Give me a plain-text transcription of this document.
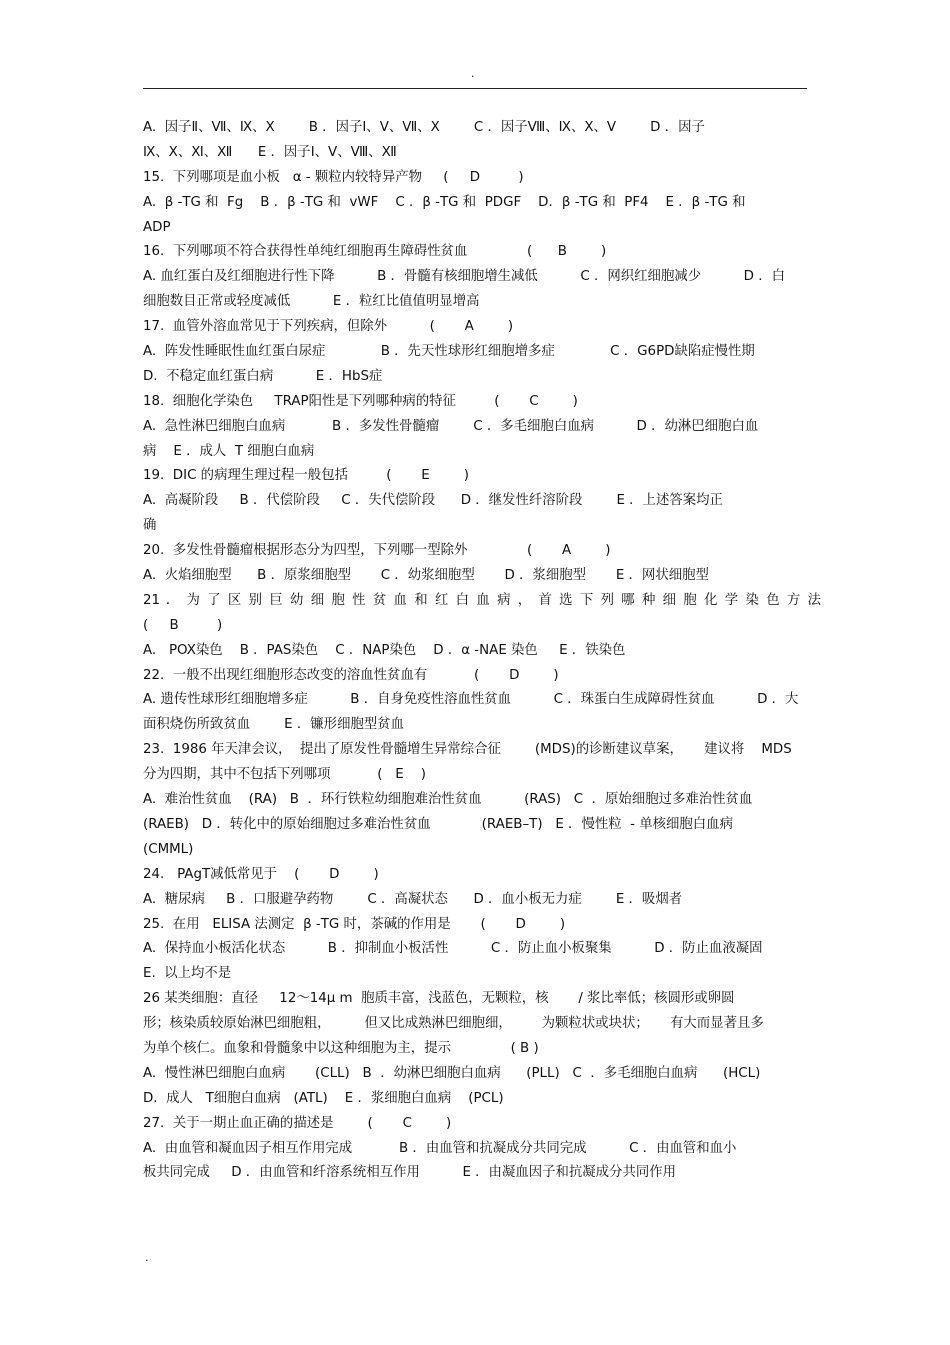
·
A.  因子Ⅱ、Ⅶ、Ⅸ、Ⅹ        B ．因子Ⅰ、Ⅴ、Ⅶ、Ⅹ        C ．因子Ⅷ、Ⅸ、Ⅹ、Ⅴ        D ．因子
Ⅸ、Ⅹ、Ⅺ、Ⅻ      E ．因子Ⅰ、Ⅴ、Ⅷ、Ⅻ
15.  下列哪项是血小板   α - 颗粒内较特异产物     (     D         )
A.  β -TG 和  Fg    B ．β -TG 和  vWF    C ．β -TG 和  PDGF    D．β -TG 和  PF4    E ．β -TG 和
ADP
16.  下列哪项不符合获得性单纯红细胞再生障碍性贫血              (      B        )
A. 血红蛋白及红细胞进行性下降          B ．骨髓有核细胞增生减低          C ．网织红细胞减少          D ．白
细胞数目正常或轻度减低          E ．粒红比值值明显增高
17.  血管外溶血常见于下列疾病，但除外          (       A        )
A.  阵发性睡眠性血红蛋白尿症             B ．先天性球形红细胞增多症             C ．G6PD缺陷症慢性期
D.  不稳定血红蛋白病          E ．HbS症
18.  细胞化学染色     TRAP阳性是下列哪种病的特征         (       C        )
A.  急性淋巴细胞白血病           B ．多发性骨髓瘤        C ．多毛细胞白血病          D ．幼淋巴细胞白血
病    E ．成人  T 细胞白血病
19.  DIC 的病理生理过程一般包括         (       E        )
A.  高凝阶段     B ．代偿阶段     C ．失代偿阶段      D ．继发性纤溶阶段        E ．上述答案均正
确
20.  多发性骨髓瘤根据形态分为四型，下列哪一型除外              (       A        )
A.  火焰细胞型      B ．原浆细胞型       C ．幼浆细胞型       D ．浆细胞型       E ．网状细胞型
21 ． 为 了 区 别 巨 幼 细 胞 性 贫 血 和 红 白 血 病 ， 首 选 下 列 哪 种 细 胞 化 学 染 色 方 法
(     B         )
A.   POX染色    B ．PAS染色    C ．NAP染色    D ．α -NAE 染色     E ．铁染色
22.  一般不出现红细胞形态改变的溶血性贫血有           (       D        )
A. 遗传性球形红细胞增多症          B ．自身免疫性溶血性贫血          C ．珠蛋白生成障碍性贫血          D ．大
面积烧伤所致贫血        E ．镰形细胞型贫血
23.  1986 年天津会议，  提出了原发性骨髓增生异常综合征        (MDS)的诊断建议草案，     建议将    MDS
分为四期，其中不包括下列哪项           (   E    )
A.  难治性贫血    (RA)   B  ．环行铁粒幼细胞难治性贫血          (RAS)   C  ．原始细胞过多难治性贫血
(RAEB)   D ．转化中的原始细胞过多难治性贫血            (RAEB–T)   E ．慢性粒  - 单核细胞白血病
(CMML)
24.   PAgT减低常见于    (       D        )
A.  糖尿病     B ．口服避孕药物        C ．高凝状态      D ．血小板无力症        E ．吸烟者
25.  在用   ELISA 法测定  β -TG 时，茶碱的作用是       (       D        )
A.  保持血小板活化状态          B ．抑制血小板活性          C ．防止血小板聚集          D ．防止血液凝固
E.  以上均不是
26 某类细胞：直径     12～14μ m  胞质丰富，浅蓝色，无颗粒，核       / 浆比率低；核圆形或卵圆
形；核染质较原始淋巴细胞粗，        但又比成熟淋巴细胞细，       为颗粒状或块状；     有大而显著且多
为单个核仁。血象和骨髓象中以这种细胞为主，提示              ( B )
A.  慢性淋巴细胞白血病       (CLL)   B  ．幼淋巴细胞白血病      (PLL)   C  ．多毛细胞白血病      (HCL)
D.  成人   T细胞白血病   (ATL)    E ．浆细胞白血病    (PCL)
27.  关于一期止血正确的描述是        (       C        )
A.  由血管和凝血因子相互作用完成           B ．由血管和抗凝成分共同完成          C ．由血管和血小
板共同完成     D ．由血管和纤溶系统相互作用          E ．由凝血因子和抗凝成分共同作用
.
